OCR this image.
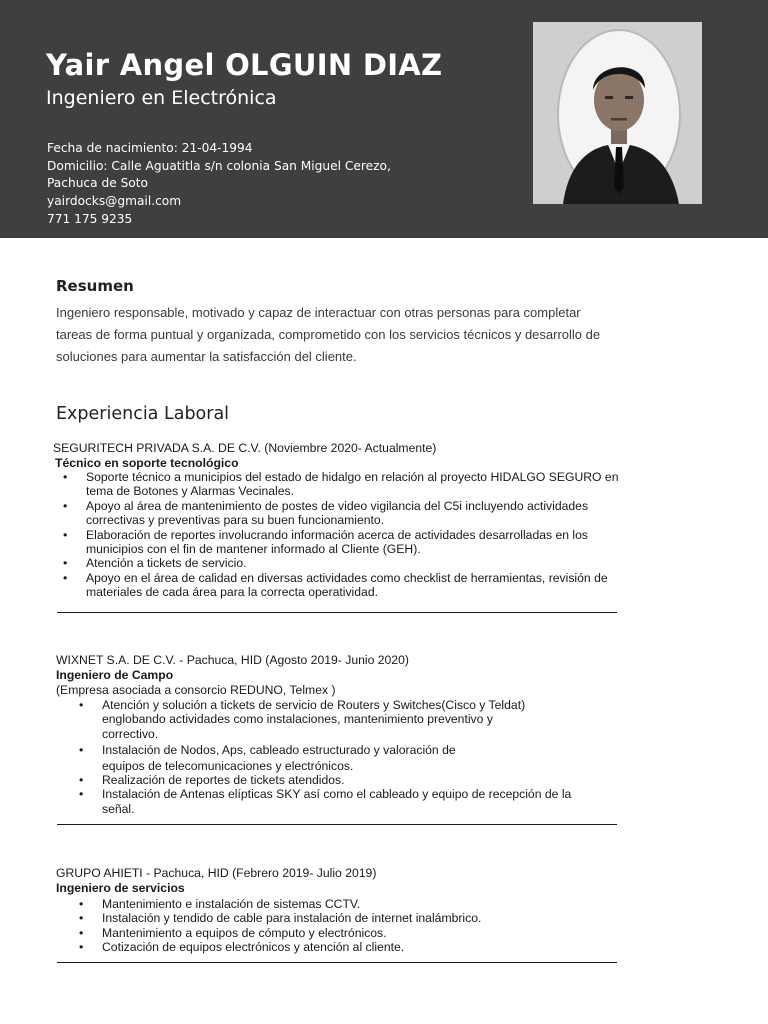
Yair Angel OLGUIN DIAZ
Ingeniero en Electrónica
Fecha de nacimiento: 21-04-1994
Domicilio: Calle Aguatitla s/n colonia San Miguel Cerezo,
Pachuca de Soto
yairdocks@gmail.com
771 175 9235
Resumen
Ingeniero responsable, motivado y capaz de interactuar con otras personas para completar
tareas de forma puntual y organizada, comprometido con los servicios técnicos y desarrollo de
soluciones para aumentar la satisfacción del cliente.
Experiencia Laboral
SEGURITECH PRIVADA S.A. DE C.V. (Noviembre 2020- Actualmente)
Técnico en soporte tecnológico
• Soporte técnico a municipios del estado de hidalgo en relación al proyecto HIDALGO SEGURO en
tema de Botones y Alarmas Vecinales.
• Apoyo al área de mantenimiento de postes de video vigilancia del C5i incluyendo actividades
correctivas y preventivas para su buen funcionamiento.
• Elaboración de reportes involucrando información acerca de actividades desarrolladas en los
municipios con el fin de mantener informado al Cliente (GEH).
• Atención a tickets de servicio.
• Apoyo en el área de calidad en diversas actividades como checklist de herramientas, revisión de
materiales de cada área para la correcta operatividad.
WIXNET S.A. DE C.V. - Pachuca, HID (Agosto 2019- Junio 2020)
Ingeniero de Campo
(Empresa asociada a consorcio REDUNO, Telmex )
• Atención y solución a tickets de servicio de Routers y Switches(Cisco y Teldat)
englobando actividades como instalaciones, mantenimiento preventivo y
correctivo.
• Instalación de Nodos, Aps, cableado estructurado y valoración de
equipos de telecomunicaciones y electrónicos.
• Realización de reportes de tickets atendidos.
• Instalación de Antenas elípticas SKY así como el cableado y equipo de recepción de la
señal.
GRUPO AHIETI - Pachuca, HID (Febrero 2019- Julio 2019)
Ingeniero de servicios
• Mantenimiento e instalación de sistemas CCTV.
• Instalación y tendido de cable para instalación de internet inalámbrico.
• Mantenimiento a equipos de cómputo y electrónicos.
• Cotización de equipos electrónicos y atención al cliente.
